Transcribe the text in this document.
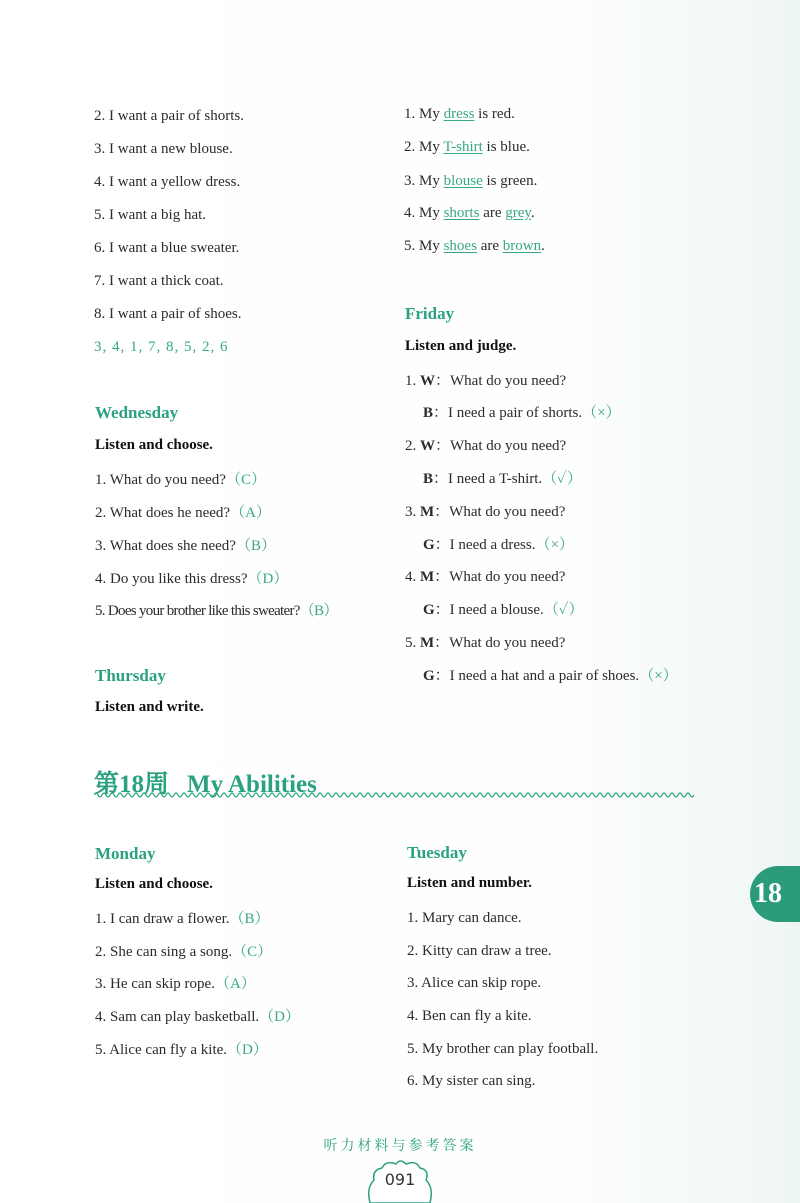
2. I want a pair of shorts.
3. I want a new blouse.
4. I want a yellow dress.
5. I want a big hat.
6. I want a blue sweater.
7. I want a thick coat.
8. I want a pair of shoes.
3, 4, 1, 7, 8, 5, 2, 6
Wednesday
Listen and choose.
1. What do you need?（C）
2. What does he need?（A）
3. What does she need?（B）
4. Do you like this dress?（D）
5. Does your brother like this sweater?（B）
Thursday
Listen and write.
1. My dress is red.
2. My T-shirt is blue.
3. My blouse is green.
4. My shorts are grey.
5. My shoes are brown.
Friday
Listen and judge.
1. W：What do you need?
B：I need a pair of shorts.（×）
2. W：What do you need?
B：I need a T-shirt.（✓）
3. M：What do you need?
G：I need a dress.（×）
4. M：What do you need?
G：I need a blouse.（✓）
5. M：What do you need?
G：I need a hat and a pair of shoes.（×）
第18周 My Abilities
Monday
Listen and choose.
1. I can draw a flower.（B）
2. She can sing a song.（C）
3. He can skip rope.（A）
4. Sam can play basketball.（D）
5. Alice can fly a kite.（D）
Tuesday
Listen and number.
1. Mary can dance.
2. Kitty can draw a tree.
3. Alice can skip rope.
4. Ben can fly a kite.
5. My brother can play football.
6. My sister can sing.
18
听力材料与参考答案
091
